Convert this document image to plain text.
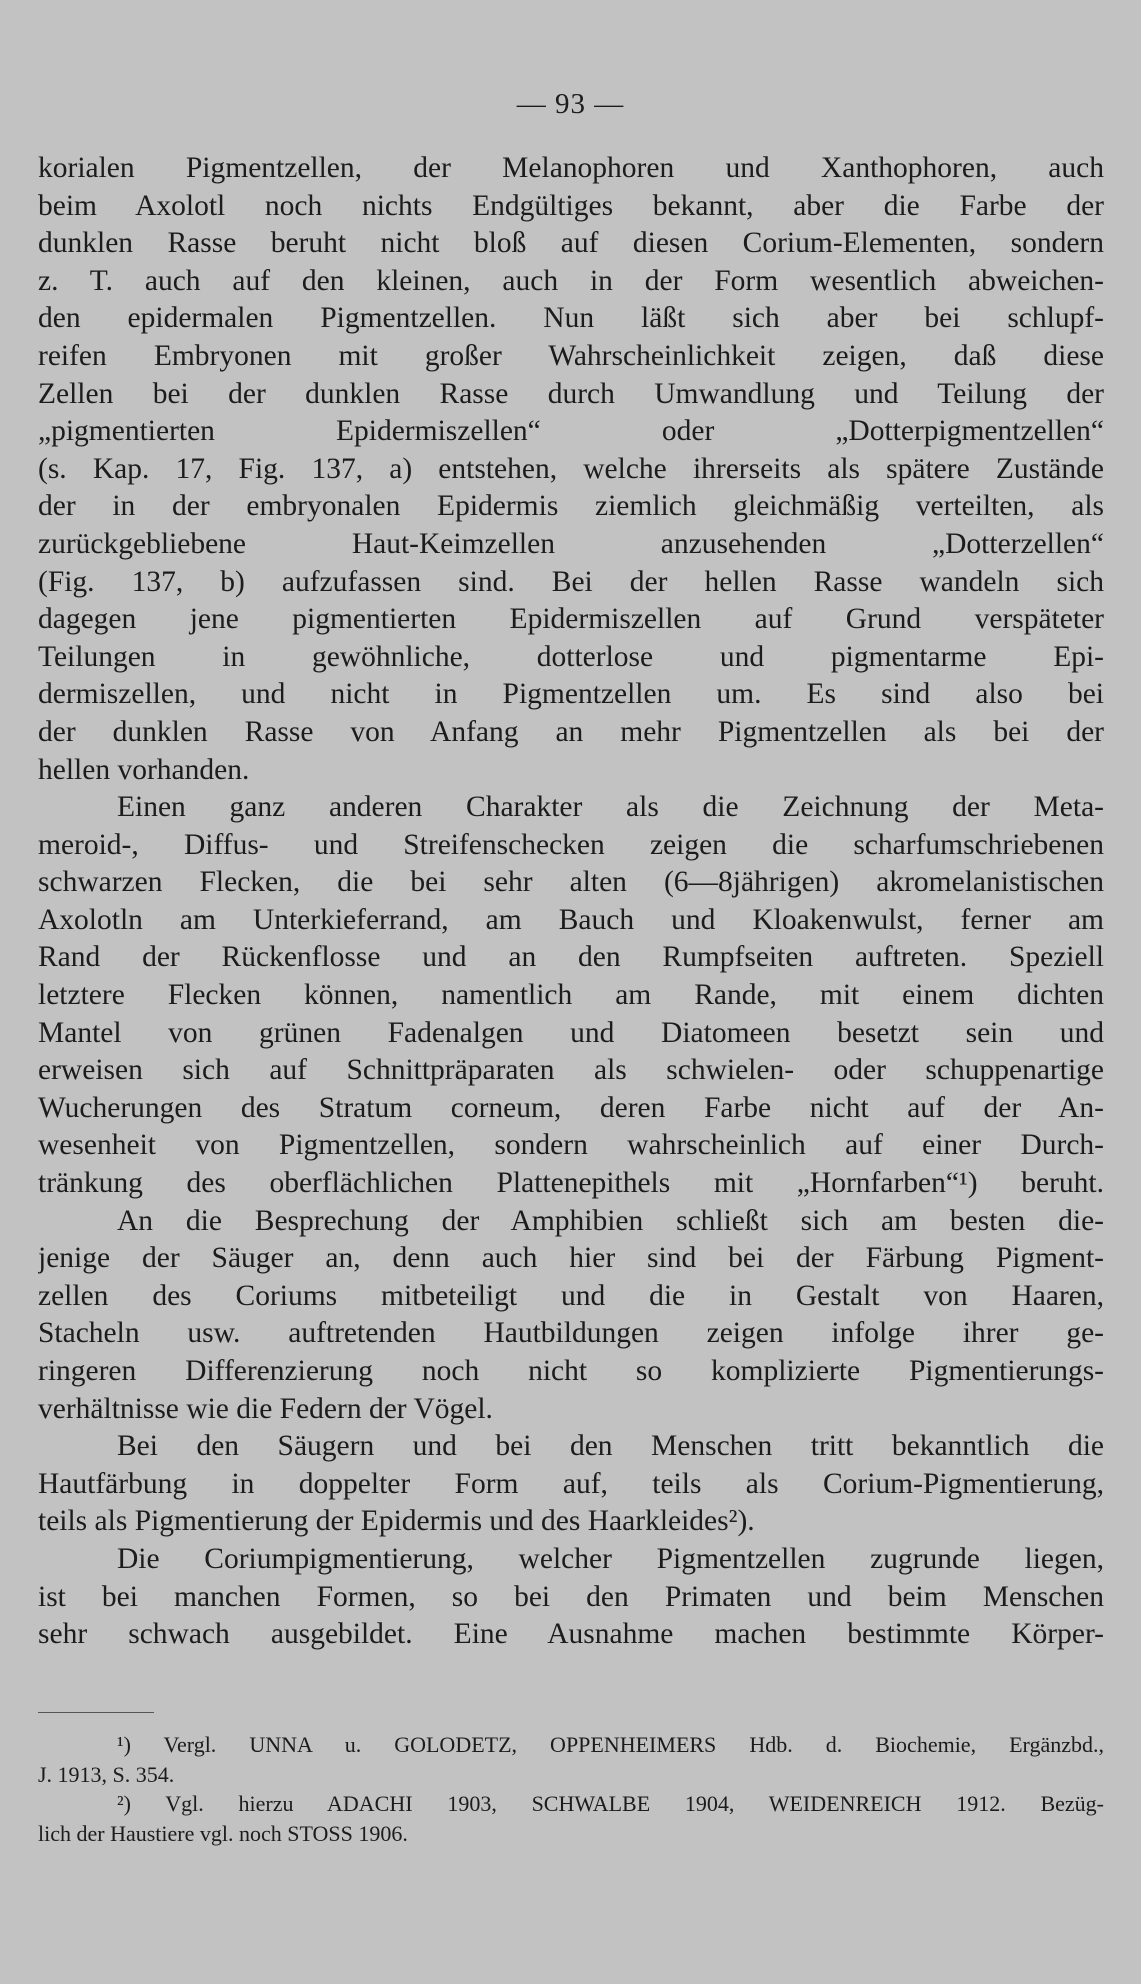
— 93 —
korialen Pigmentzellen, der Melanophoren und Xanthophoren, auch
beim Axolotl noch nichts Endgültiges bekannt, aber die Farbe der
dunklen Rasse beruht nicht bloß auf diesen Corium-Elementen, sondern
z. T. auch auf den kleinen, auch in der Form wesentlich abweichen-
den epidermalen Pigmentzellen. Nun läßt sich aber bei schlupf-
reifen Embryonen mit großer Wahrscheinlichkeit zeigen, daß diese
Zellen bei der dunklen Rasse durch Umwandlung und Teilung der
„pigmentierten Epidermiszellen“ oder „Dotterpigmentzellen“
(s. Kap. 17, Fig. 137, a) entstehen, welche ihrerseits als spätere Zustände
der in der embryonalen Epidermis ziemlich gleichmäßig verteilten, als
zurückgebliebene Haut-Keimzellen anzusehenden „Dotterzellen“
(Fig. 137, b) aufzufassen sind. Bei der hellen Rasse wandeln sich
dagegen jene pigmentierten Epidermiszellen auf Grund verspäteter
Teilungen in gewöhnliche, dotterlose und pigmentarme Epi-
dermiszellen, und nicht in Pigmentzellen um. Es sind also bei
der dunklen Rasse von Anfang an mehr Pigmentzellen als bei der
hellen vorhanden.
Einen ganz anderen Charakter als die Zeichnung der Meta-
meroid-, Diffus- und Streifenschecken zeigen die scharfumschriebenen
schwarzen Flecken, die bei sehr alten (6—8jährigen) akromelanistischen
Axolotln am Unterkieferrand, am Bauch und Kloakenwulst, ferner am
Rand der Rückenflosse und an den Rumpfseiten auftreten. Speziell
letztere Flecken können, namentlich am Rande, mit einem dichten
Mantel von grünen Fadenalgen und Diatomeen besetzt sein und
erweisen sich auf Schnittpräparaten als schwielen- oder schuppenartige
Wucherungen des Stratum corneum, deren Farbe nicht auf der An-
wesenheit von Pigmentzellen, sondern wahrscheinlich auf einer Durch-
tränkung des oberflächlichen Plattenepithels mit „Hornfarben“¹) beruht.
An die Besprechung der Amphibien schließt sich am besten die-
jenige der Säuger an, denn auch hier sind bei der Färbung Pigment-
zellen des Coriums mitbeteiligt und die in Gestalt von Haaren,
Stacheln usw. auftretenden Hautbildungen zeigen infolge ihrer ge-
ringeren Differenzierung noch nicht so komplizierte Pigmentierungs-
verhältnisse wie die Federn der Vögel.
Bei den Säugern und bei den Menschen tritt bekanntlich die
Hautfärbung in doppelter Form auf, teils als Corium-Pigmentierung,
teils als Pigmentierung der Epidermis und des Haarkleides²).
Die Coriumpigmentierung, welcher Pigmentzellen zugrunde liegen,
ist bei manchen Formen, so bei den Primaten und beim Menschen
sehr schwach ausgebildet. Eine Ausnahme machen bestimmte Körper-
¹) Vergl. UNNA u. GOLODETZ, OPPENHEIMERS Hdb. d. Biochemie, Ergänzbd.,
J. 1913, S. 354.
²) Vgl. hierzu ADACHI 1903, SCHWALBE 1904, WEIDENREICH 1912. Bezüg-
lich der Haustiere vgl. noch STOSS 1906.
